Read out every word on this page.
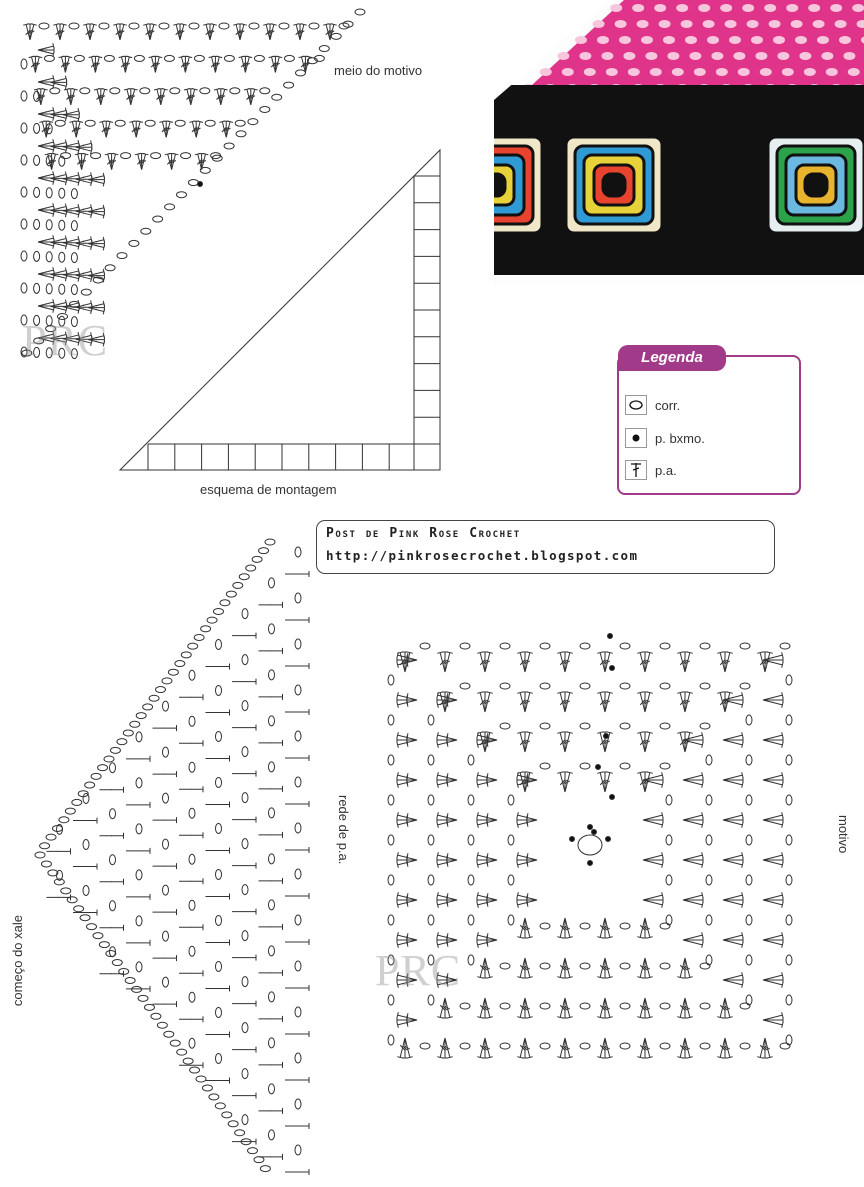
meio do motivo
PRC
esquema de montagem
Legenda
corr.
p. bxmo.
p.a.
Post de Pink Rose Crochet
http://pinkrosecrochet.blogspot.com
rede de p.a.
começo do xale
motivo
PRC
